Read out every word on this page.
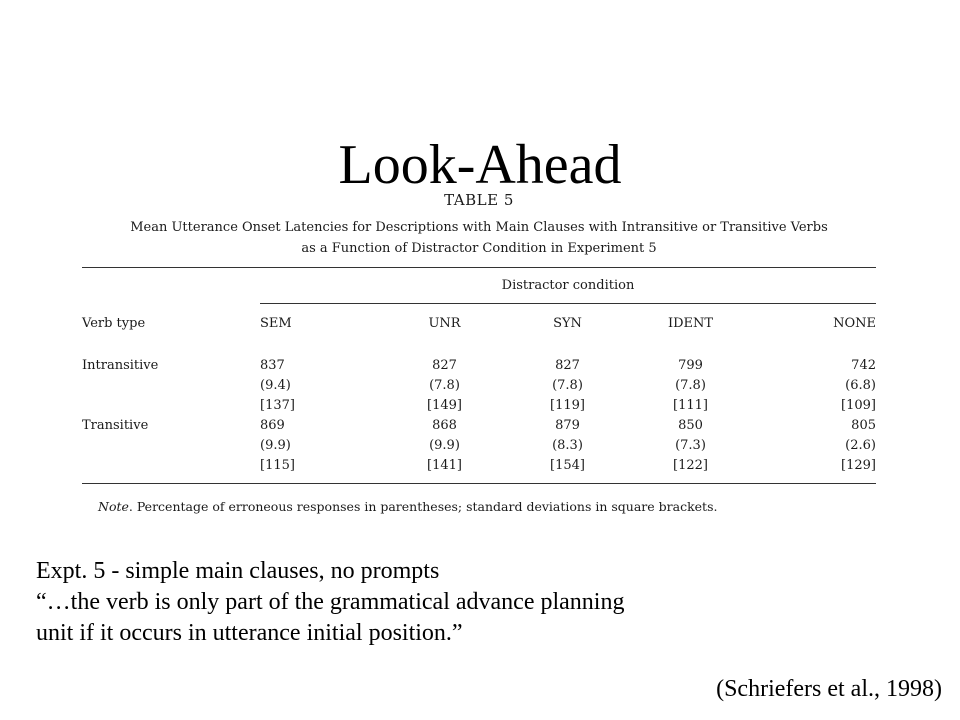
Look-Ahead
TABLE 5
Mean Utterance Onset Latencies for Descriptions with Main Clauses with Intransitive or Transitive Verbs
as a Function of Distractor Condition in Experiment 5
Distractor condition
Verb type	SEM	UNR	SYN	IDENT	NONE
Intransitive	837	827	827	799	742
	(9.4)	(7.8)	(7.8)	(7.8)	(6.8)
	[137]	[149]	[119]	[111]	[109]
Transitive	869	868	879	850	805
	(9.9)	(9.9)	(8.3)	(7.3)	(2.6)
	[115]	[141]	[154]	[122]	[129]
Note. Percentage of erroneous responses in parentheses; standard deviations in square brackets.
Expt. 5 - simple main clauses, no prompts
“…the verb is only part of the grammatical advance planning
unit if it occurs in utterance initial position.”
(Schriefers et al., 1998)
